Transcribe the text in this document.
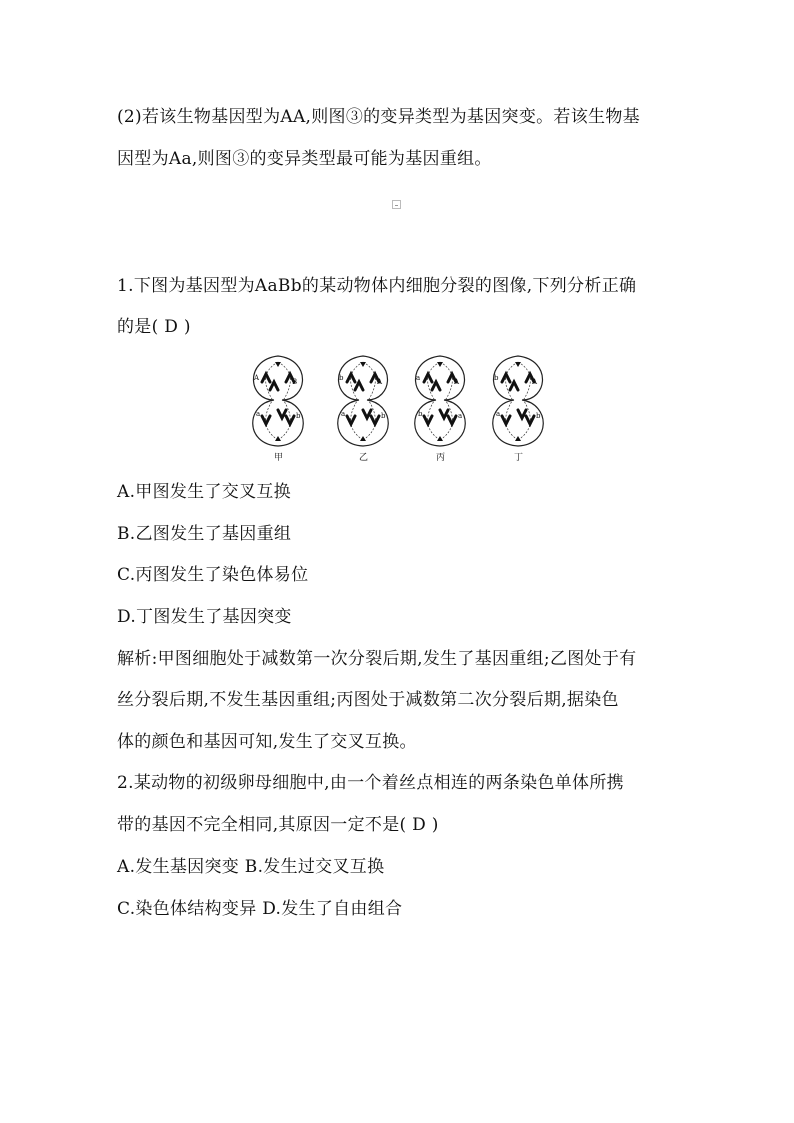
(2)若该生物基因型为AA,则图③的变异类型为基因突变。若该生物基
因型为Aa,则图③的变异类型最可能为基因重组。
1.下图为基因型为AaBb的某动物体内细胞分裂的图像,下列分析正确
的是( D )
A	B
a	b
甲
b	A
a	b
乙
a	A
b	a
丙
b	A
a	b
丁
A.甲图发生了交叉互换
B.乙图发生了基因重组
C.丙图发生了染色体易位
D.丁图发生了基因突变
解析:甲图细胞处于减数第一次分裂后期,发生了基因重组;乙图处于有
丝分裂后期,不发生基因重组;丙图处于减数第二次分裂后期,据染色
体的颜色和基因可知,发生了交叉互换。
2.某动物的初级卵母细胞中,由一个着丝点相连的两条染色单体所携
带的基因不完全相同,其原因一定不是( D )
A.发生基因突变 B.发生过交叉互换
C.染色体结构变异 D.发生了自由组合
